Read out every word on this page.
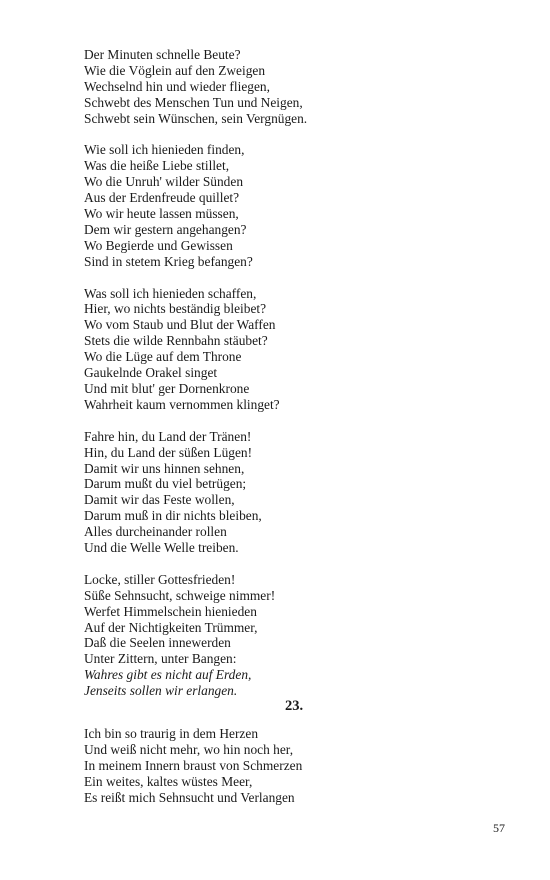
Der Minuten schnelle Beute?
Wie die Vöglein auf den Zweigen
Wechselnd hin und wieder fliegen,
Schwebt des Menschen Tun und Neigen,
Schwebt sein Wünschen, sein Vergnügen.
Wie soll ich hienieden finden,
Was die heiße Liebe stillet,
Wo die Unruh' wilder Sünden
Aus der Erdenfreude quillet?
Wo wir heute lassen müssen,
Dem wir gestern angehangen?
Wo Begierde und Gewissen
Sind in stetem Krieg befangen?
Was soll ich hienieden schaffen,
Hier, wo nichts beständig bleibet?
Wo vom Staub und Blut der Waffen
Stets die wilde Rennbahn stäubet?
Wo die Lüge auf dem Throne
Gaukelnde Orakel singet
Und mit blut' ger Dornenkrone
Wahrheit kaum vernommen klinget?
Fahre hin, du Land der Tränen!
Hin, du Land der süßen Lügen!
Damit wir uns hinnen sehnen,
Darum mußt du viel betrügen;
Damit wir das Feste wollen,
Darum muß in dir nichts bleiben,
Alles durcheinander rollen
Und die Welle Welle treiben.
Locke, stiller Gottesfrieden!
Süße Sehnsucht, schweige nimmer!
Werfet Himmelschein hienieden
Auf der Nichtigkeiten Trümmer,
Daß die Seelen innewerden
Unter Zittern, unter Bangen:
Wahres gibt es nicht auf Erden,
Jenseits sollen wir erlangen.
23.
Ich bin so traurig in dem Herzen
Und weiß nicht mehr, wo hin noch her,
In meinem Innern braust von Schmerzen
Ein weites, kaltes wüstes Meer,
Es reißt mich Sehnsucht und Verlangen
57
